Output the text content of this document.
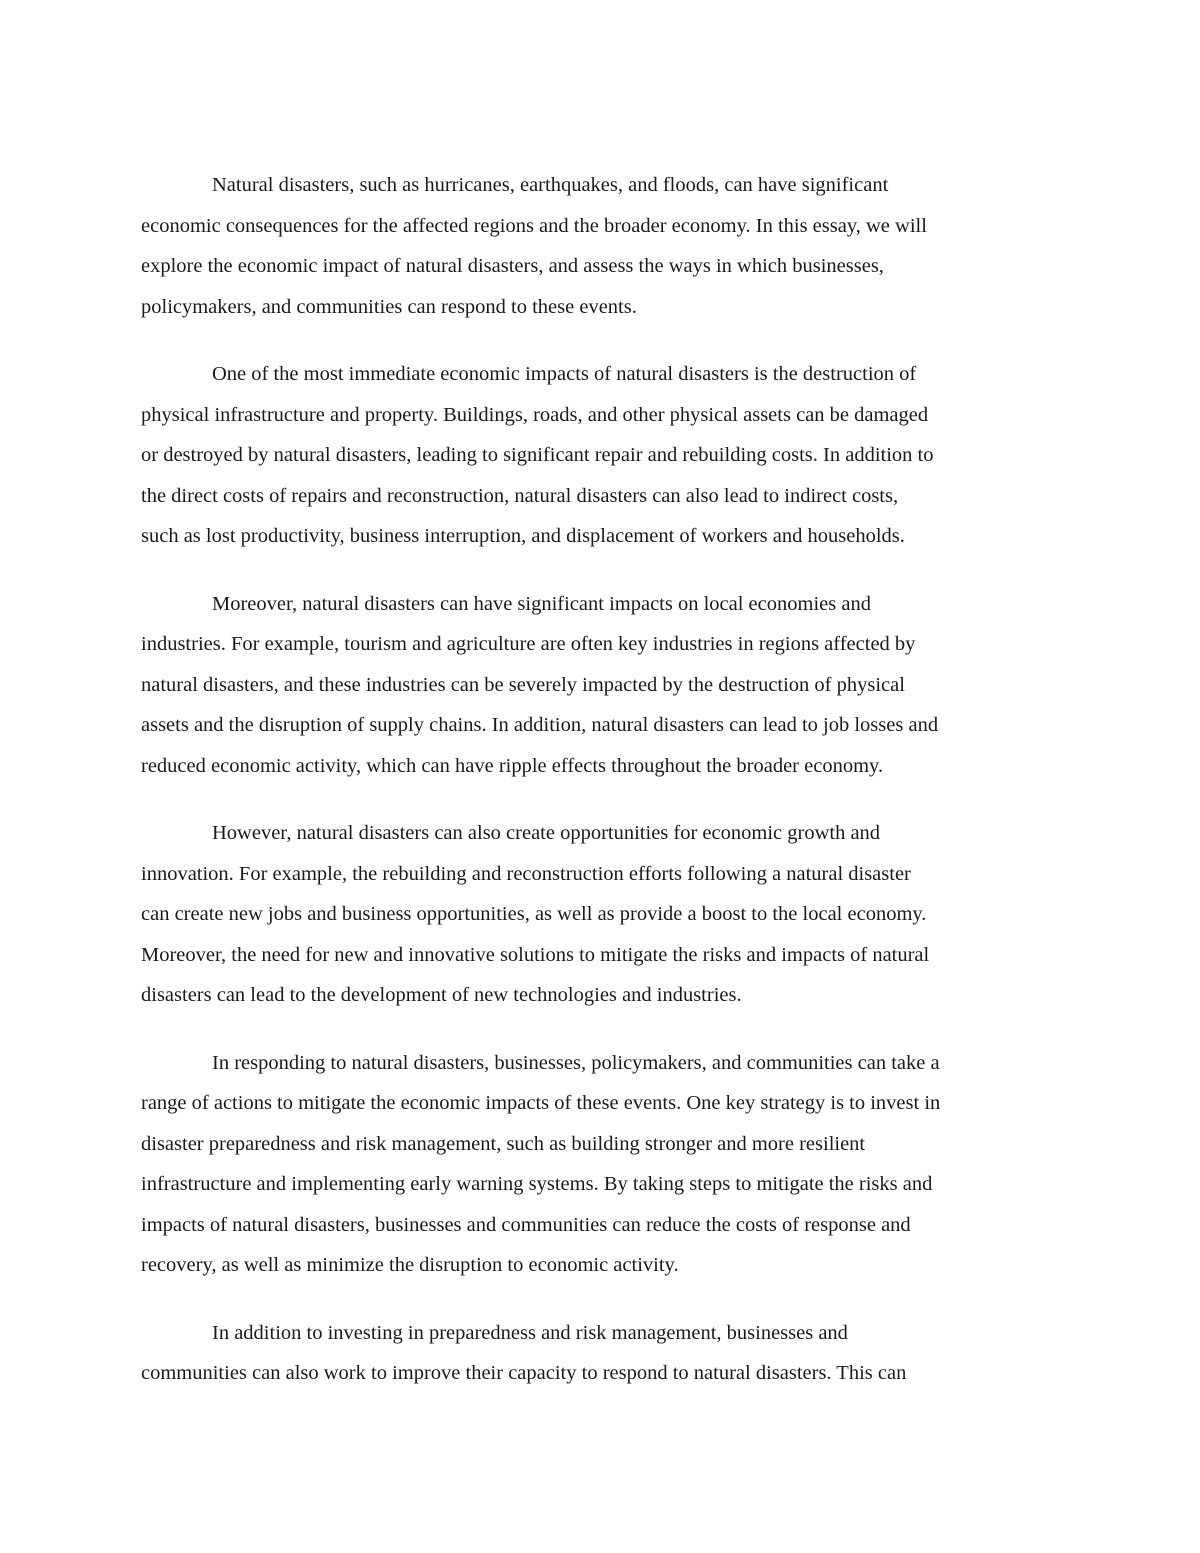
Natural disasters, such as hurricanes, earthquakes, and floods, can have significant
economic consequences for the affected regions and the broader economy. In this essay, we will
explore the economic impact of natural disasters, and assess the ways in which businesses,
policymakers, and communities can respond to these events.

One of the most immediate economic impacts of natural disasters is the destruction of
physical infrastructure and property. Buildings, roads, and other physical assets can be damaged
or destroyed by natural disasters, leading to significant repair and rebuilding costs. In addition to
the direct costs of repairs and reconstruction, natural disasters can also lead to indirect costs,
such as lost productivity, business interruption, and displacement of workers and households.

Moreover, natural disasters can have significant impacts on local economies and
industries. For example, tourism and agriculture are often key industries in regions affected by
natural disasters, and these industries can be severely impacted by the destruction of physical
assets and the disruption of supply chains. In addition, natural disasters can lead to job losses and
reduced economic activity, which can have ripple effects throughout the broader economy.

However, natural disasters can also create opportunities for economic growth and
innovation. For example, the rebuilding and reconstruction efforts following a natural disaster
can create new jobs and business opportunities, as well as provide a boost to the local economy.
Moreover, the need for new and innovative solutions to mitigate the risks and impacts of natural
disasters can lead to the development of new technologies and industries.

In responding to natural disasters, businesses, policymakers, and communities can take a
range of actions to mitigate the economic impacts of these events. One key strategy is to invest in
disaster preparedness and risk management, such as building stronger and more resilient
infrastructure and implementing early warning systems. By taking steps to mitigate the risks and
impacts of natural disasters, businesses and communities can reduce the costs of response and
recovery, as well as minimize the disruption to economic activity.

In addition to investing in preparedness and risk management, businesses and
communities can also work to improve their capacity to respond to natural disasters. This can
